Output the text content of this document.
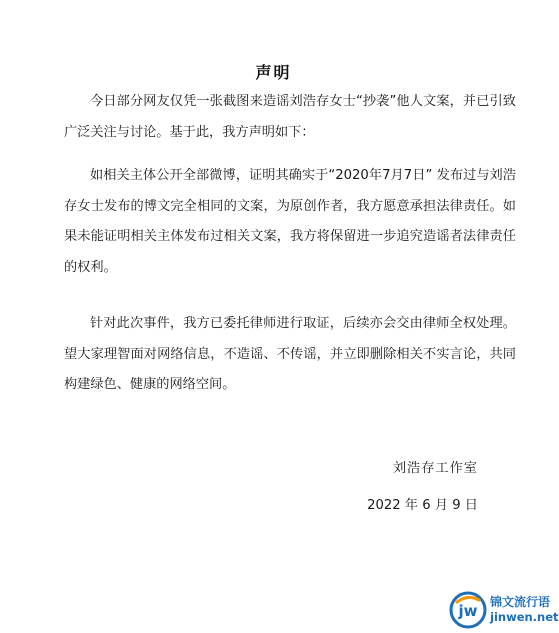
声明
今日部分网友仅凭一张截图来造谣刘浩存女士“抄袭”他人文案，并已引致广泛关注与讨论。基于此，我方声明如下：
如相关主体公开全部微博，证明其确实于“2020年7月7日” 发布过与刘浩存女士发布的博文完全相同的文案，为原创作者，我方愿意承担法律责任。如果未能证明相关主体发布过相关文案，我方将保留进一步追究造谣者法律责任的权利。
针对此次事件，我方已委托律师进行取证，后续亦会交由律师全权处理。望大家理智面对网络信息，不造谣、不传谣，并立即删除相关不实言论，共同构建绿色、健康的网络空间。
刘浩存工作室
2022 年 6 月 9 日
jw 锦文流行语
jinwen.net
